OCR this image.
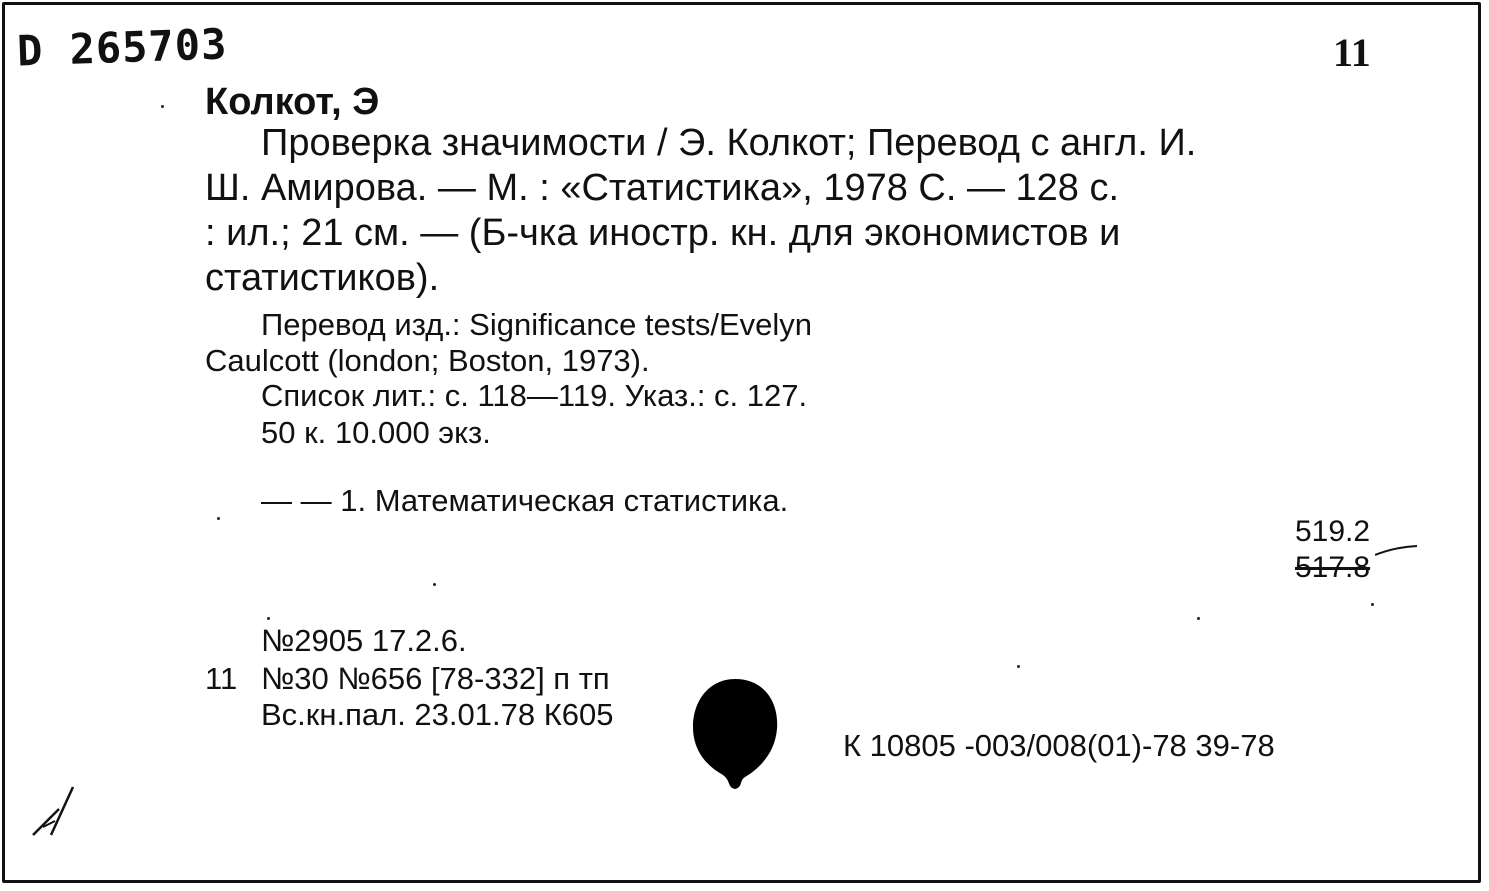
D 265703	11
Колкот, Э
Проверка значимости / Э. Колкот; Перевод с англ. И.
Ш. Амирова. — М. : «Статистика», 1978 С. — 128 с.
: ил.; 21 см. — (Б-чка иностр. кн. для экономистов и
статистиков).
Перевод изд.: Significance tests/Evelyn
Caulcott (london; Boston, 1973).
Список лит.: с. 118—119. Указ.: с. 127.
50 к. 10.000 экз.
— — 1. Математическая статистика.
519.2
517.8
№2905 17.2.6.
11 №30 №656 [78-332] п тп
Вс.кн.пал. 23.01.78 К605
К 10805 -003/008(01)-78 39-78
